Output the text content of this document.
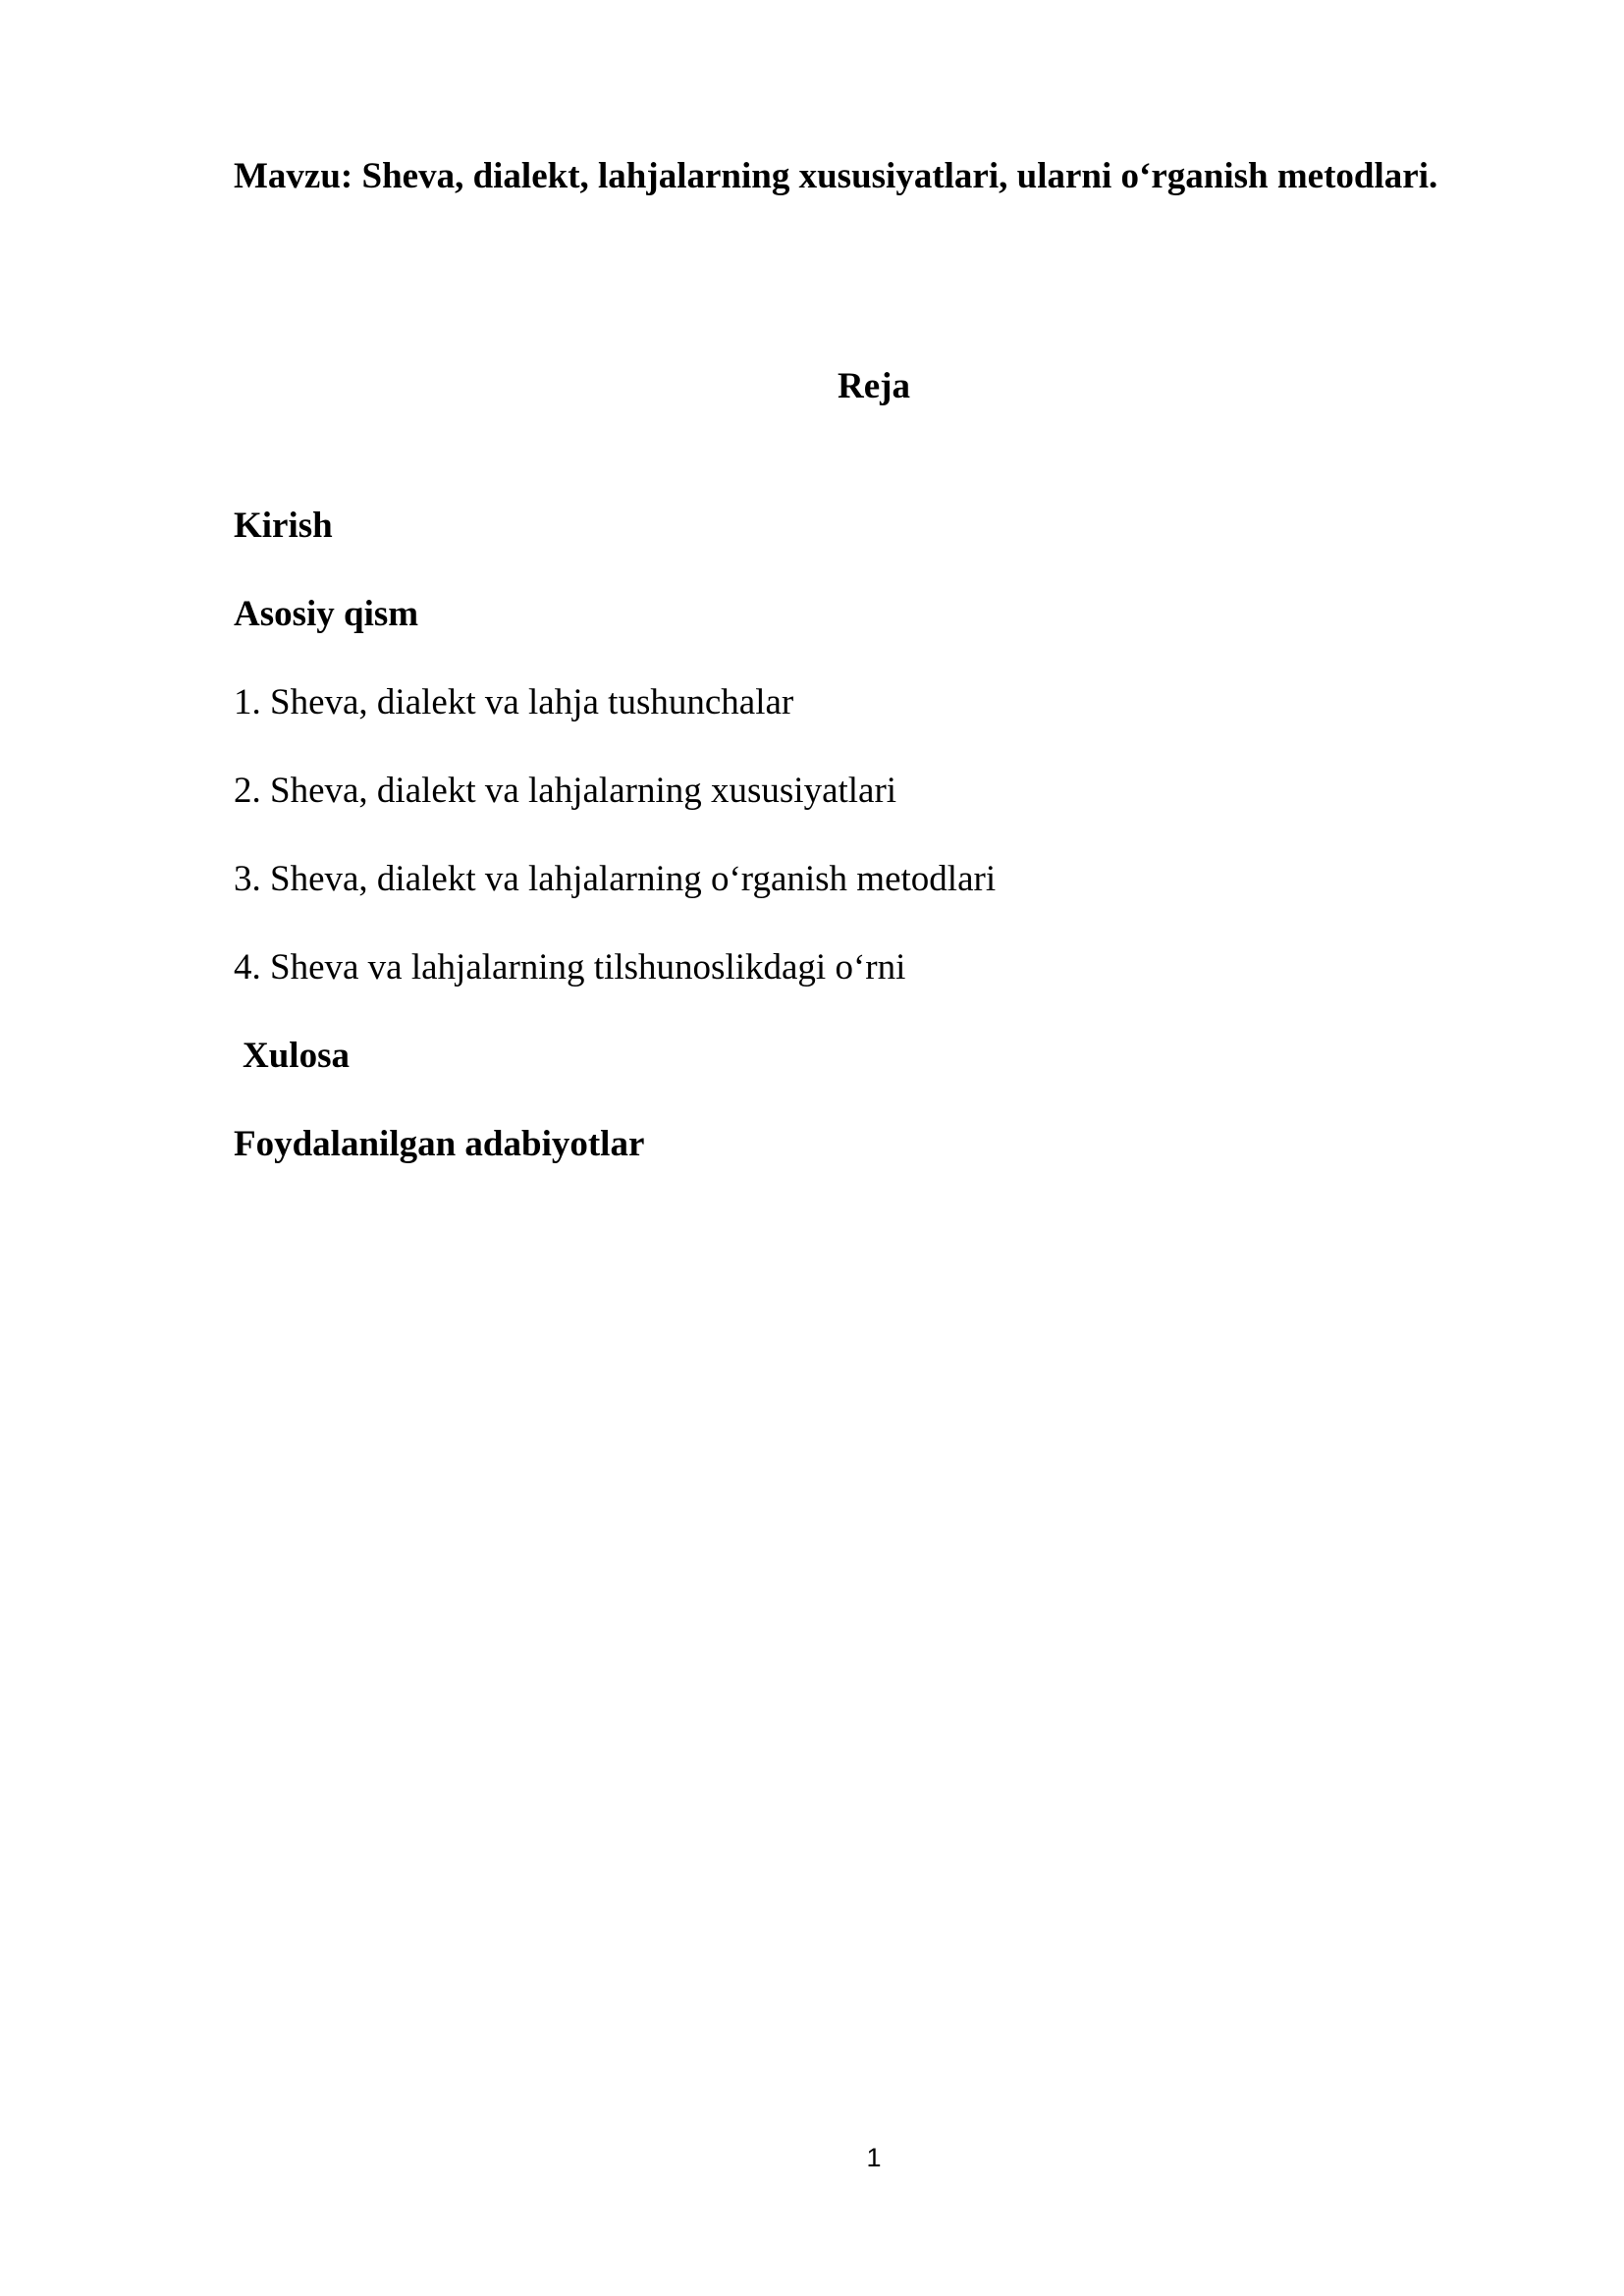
Mavzu: Sheva, dialekt, lahjalarning xususiyatlari, ularni o‘rganish metodlari.
Reja
Kirish
Asosiy qism
1. Sheva, dialekt va lahja tushunchalar
2. Sheva, dialekt va lahjalarning xususiyatlari
3. Sheva, dialekt va lahjalarning o‘rganish metodlari
4. Sheva va lahjalarning tilshunoslikdagi o‘rni
Xulosa
Foydalanilgan adabiyotlar
1
